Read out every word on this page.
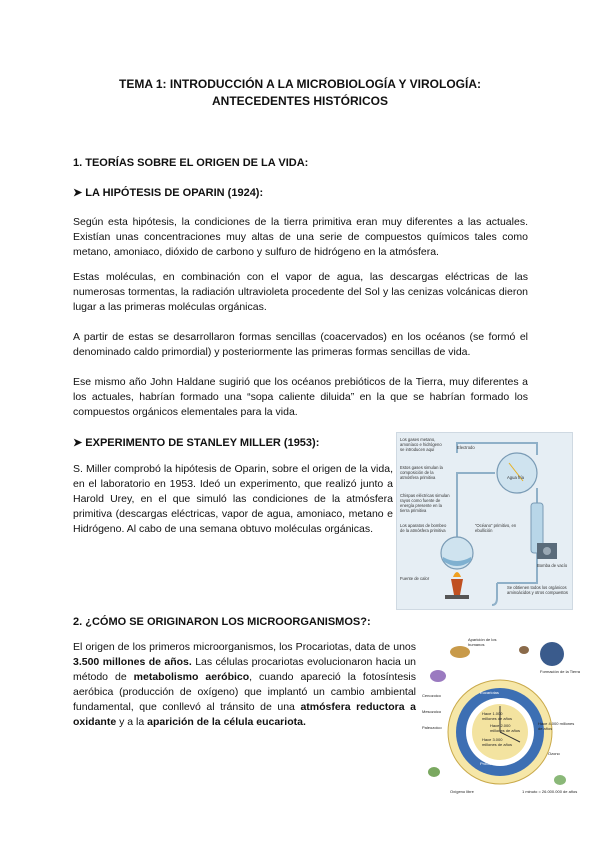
TEMA 1: INTRODUCCIÓN A LA MICROBIOLOGÍA Y VIROLOGÍA:
ANTECEDENTES HISTÓRICOS
1. TEORÍAS SOBRE EL ORIGEN DE LA VIDA:
➤ LA HIPÓTESIS DE OPARIN (1924):
Según esta hipótesis, la condiciones de la tierra primitiva eran muy diferentes a las actuales. Existían unas concentraciones muy altas de una serie de compuestos químicos tales como metano, amoniaco, dióxido de carbono y sulfuro de hidrógeno en la atmósfera.
Estas moléculas, en combinación con el vapor de agua, las descargas eléctricas de las numerosas tormentas, la radiación ultravioleta procedente del Sol y las cenizas volcánicas dieron lugar a las primeras moléculas orgánicas.
A partir de estas se desarrollaron formas sencillas (coacervados) en los océanos (se formó el denominado caldo primordial) y posteriormente las primeras formas sencillas de vida.
Ese mismo año John Haldane sugirió que los océanos prebióticos de la Tierra, muy diferentes a los actuales, habrían formado una “sopa caliente diluida” en la que se habrían formado los compuestos orgánicos elementales para la vida.
➤ EXPERIMENTO DE STANLEY MILLER (1953):
S. Miller comprobó la hipótesis de Oparin, sobre el origen de la vida, en el laboratorio en 1953. Ideó un experimento, que realizó junto a Harold Urey, en el que simuló las condiciones de la atmósfera primitiva (descargas eléctricas, vapor de agua, amoniaco, metano e Hidrógeno. Al cabo de una semana obtuvo moléculas orgánicas.
Los gases metano, amoníaco e hidrógeno se introducen aquí	Electrodo
Estos gases simulan la composición de la atmósfera primitiva
Chispas eléctricas simulan rayos como fuente de energía presente en la tierra primitiva
Los aparatos de bombeo de la atmósfera primitiva
“Océano” primitivo, en ebullición
Bomba de vacío
Fuente de calor
Se obtienen todos los orgánicos aminoácidos y otros compuestos
Agua fría
2. ¿CÓMO SE ORIGINARON LOS MICROORGANISMOS?:
El origen de los primeros microorganismos, los Procariotas, data de unos 3.500 millones de años. Las células procariotas evolucionaron hacia un método de metabolismo aeróbico, cuando apareció la fotosíntesis aeróbica (producción de oxígeno) que implantó un cambio ambiental fundamental, que conllevó al tránsito de una atmósfera reductora a oxidante y a la aparición de la célula eucariota.
Aparición de los humanos
Formación de la Tierra
Procariotas
Eucariotas
Hace 1.000 millones de años
Hace 2.000 millones de años
Hace 3.000 millones de años
Hace 4.000 millones de años
Cenozoico
Mesozoico
Paleozoico
Ozono
Oxígeno libre	1 minuto = 26.000.000 de años
